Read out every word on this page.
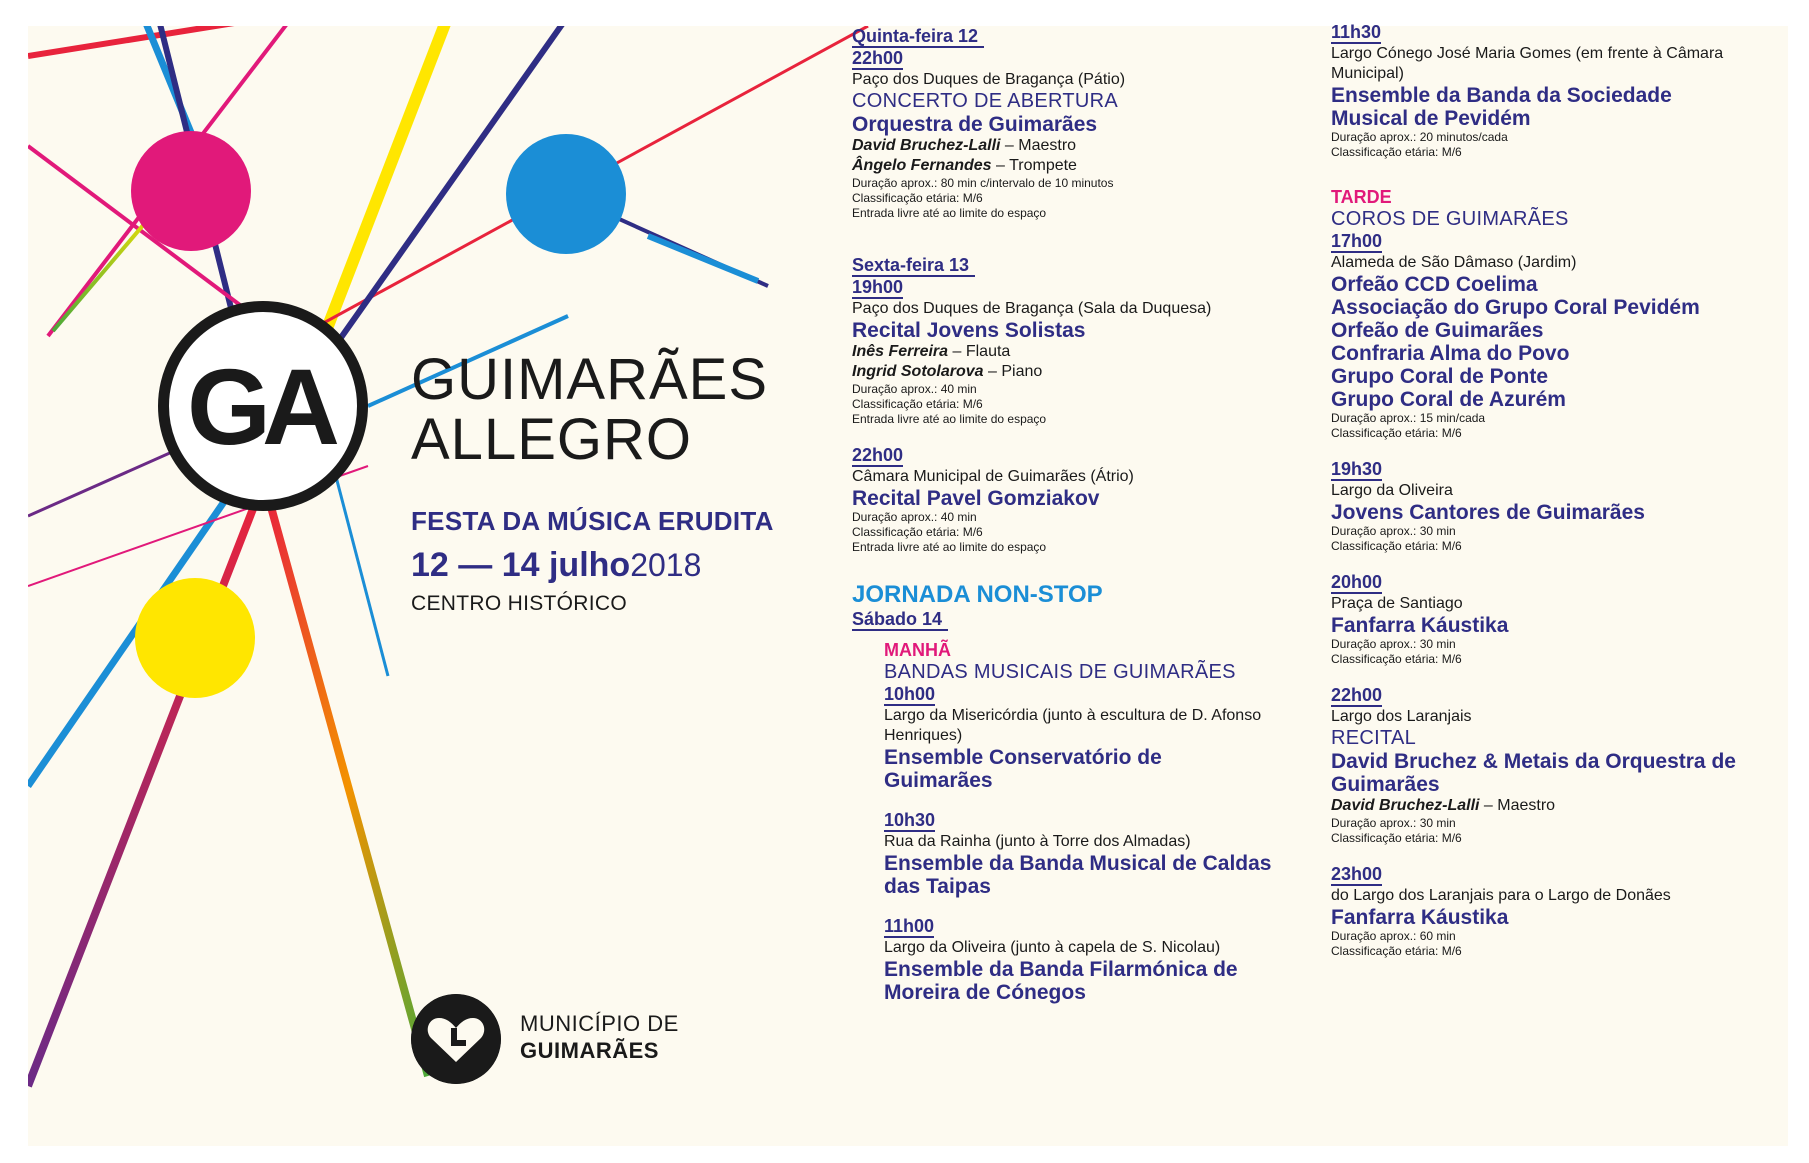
GA GUIMARÃES
ALLEGRO
FESTA DA MÚSICA ERUDITA
12 — 14 julho2018
CENTRO HISTÓRICO
MUNICÍPIO DE
GUIMARÃES
Quinta-feira 12
22h00
Paço dos Duques de Bragança (Pátio)
CONCERTO DE ABERTURA
Orquestra de Guimarães
David Bruchez-Lalli – Maestro
Ângelo Fernandes – Trompete
Duração aprox.: 80 min c/intervalo de 10 minutos
Classificação etária: M/6
Entrada livre até ao limite do espaço
Sexta-feira 13
19h00
Paço dos Duques de Bragança (Sala da Duquesa)
Recital Jovens Solistas
Inês Ferreira – Flauta
Ingrid Sotolarova – Piano
Duração aprox.: 40 min
Classificação etária: M/6
Entrada livre até ao limite do espaço
22h00
Câmara Municipal de Guimarães (Átrio)
Recital Pavel Gomziakov
Duração aprox.: 40 min
Classificação etária: M/6
Entrada livre até ao limite do espaço
JORNADA NON-STOP
Sábado 14
MANHÃ
BANDAS MUSICAIS DE GUIMARÃES
10h00
Largo da Misericórdia (junto à escultura de D. Afonso Henriques)
Ensemble Conservatório de Guimarães
10h30
Rua da Rainha (junto à Torre dos Almadas)
Ensemble da Banda Musical de Caldas das Taipas
11h00
Largo da Oliveira (junto à capela de S. Nicolau)
Ensemble da Banda Filarmónica de Moreira de Cónegos
11h30
Largo Cónego José Maria Gomes (em frente à Câmara Municipal)
Ensemble da Banda da Sociedade Musical de Pevidém
Duração aprox.: 20 minutos/cada
Classificação etária: M/6
TARDE
COROS DE GUIMARÃES
17h00
Alameda de São Dâmaso (Jardim)
Orfeão CCD Coelima
Associação do Grupo Coral Pevidém
Orfeão de Guimarães
Confraria Alma do Povo
Grupo Coral de Ponte
Grupo Coral de Azurém
Duração aprox.: 15 min/cada
Classificação etária: M/6
19h30
Largo da Oliveira
Jovens Cantores de Guimarães
Duração aprox.: 30 min
Classificação etária: M/6
20h00
Praça de Santiago
Fanfarra Káustika
Duração aprox.: 30 min
Classificação etária: M/6
22h00
Largo dos Laranjais
RECITAL
David Bruchez & Metais da Orquestra de Guimarães
David Bruchez-Lalli – Maestro
Duração aprox.: 30 min
Classificação etária: M/6
23h00
do Largo dos Laranjais para o Largo de Donães
Fanfarra Káustika
Duração aprox.: 60 min
Classificação etária: M/6
